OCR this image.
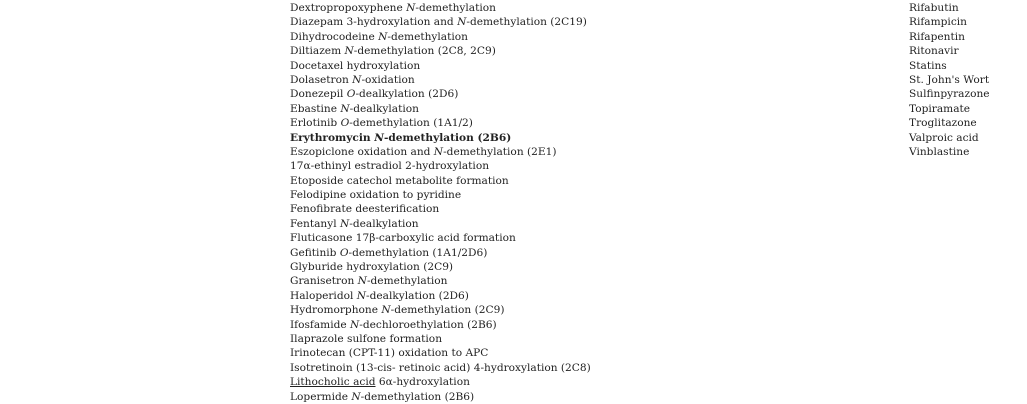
Dextropropoxyphene N-demethylation
Diazepam 3-hydroxylation and N-demethylation (2C19)
Dihydrocodeine N-demethylation
Diltiazem N-demethylation (2C8, 2C9)
Docetaxel hydroxylation
Dolasetron N-oxidation
Donezepil O-dealkylation (2D6)
Ebastine N-dealkylation
Erlotinib O-demethylation (1A1/2)
Erythromycin N-demethylation (2B6)
Eszopiclone oxidation and N-demethylation (2E1)
17α-ethinyl estradiol 2-hydroxylation
Etoposide catechol metabolite formation
Felodipine oxidation to pyridine
Fenofibrate deesterification
Fentanyl N-dealkylation
Fluticasone 17β-carboxylic acid formation
Gefitinib O-demethylation (1A1/2D6)
Glyburide hydroxylation (2C9)
Granisetron N-demethylation
Haloperidol N-dealkylation (2D6)
Hydromorphone N-demethylation (2C9)
Ifosfamide N-dechloroethylation (2B6)
Ilaprazole sulfone formation
Irinotecan (CPT-11) oxidation to APC
Isotretinoin (13-cis- retinoic acid) 4-hydroxylation (2C8)
Lithocholic acid 6α-hydroxylation
Lopermide N-demethylation (2B6)
Rifabutin
Rifampicin
Rifapentin
Ritonavir
Statins
St. John's Wort
Sulfinpyrazone
Topiramate
Troglitazone
Valproic acid
Vinblastine
